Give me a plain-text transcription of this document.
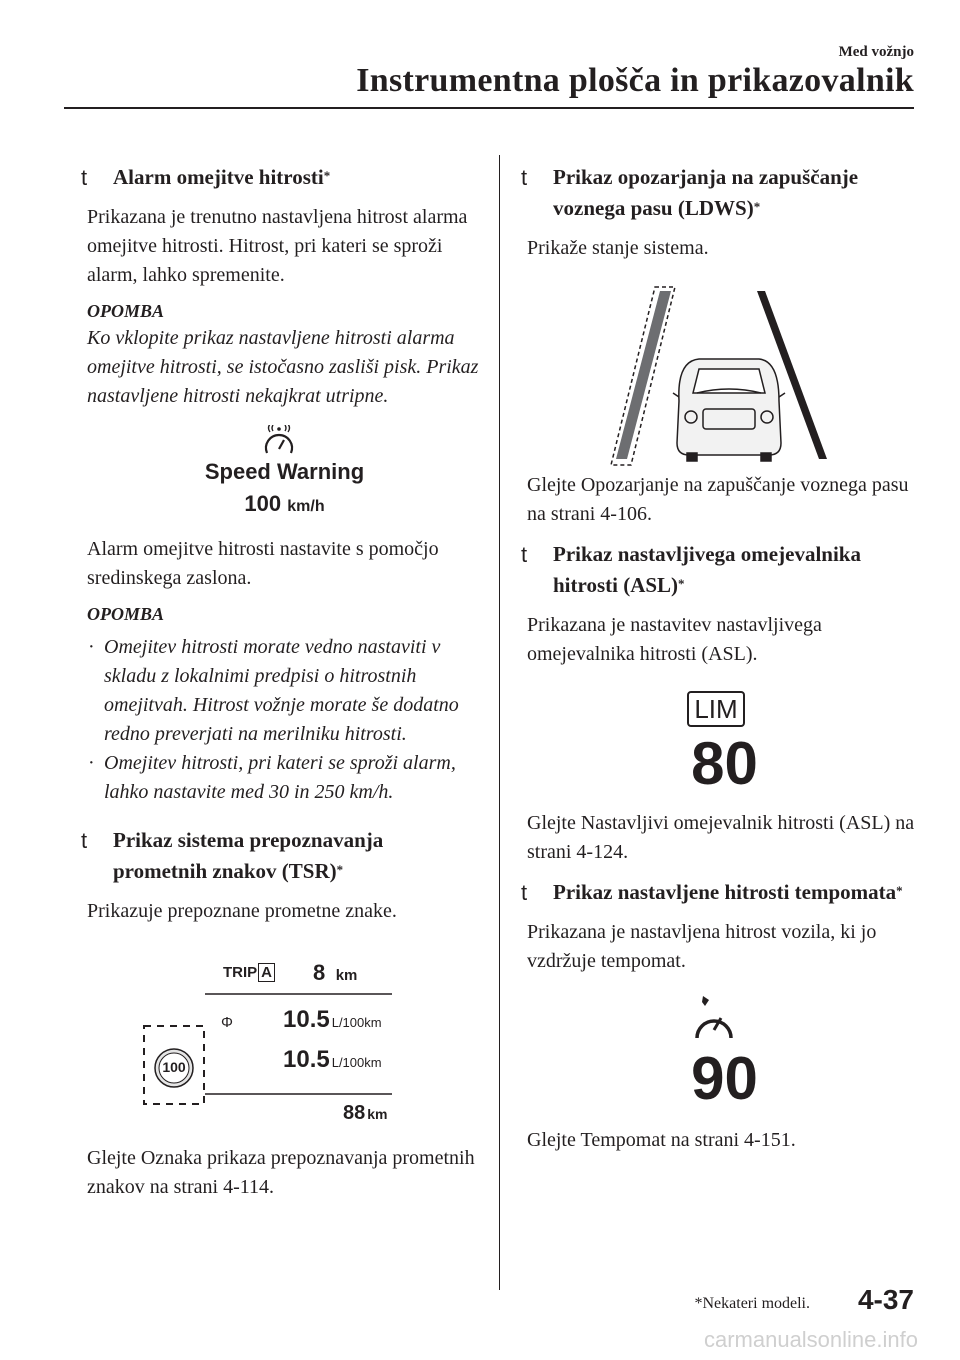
Med vožnjo
Instrumentna plošča in prikazovalnik
t Alarm omejitve hitrosti*
Prikazana je trenutno nastavljena hitrost alarma omejitve hitrosti. Hitrost, pri kateri se sproži alarm, lahko spremenite.
OPOMBA
Ko vklopite prikaz nastavljene hitrosti alarma omejitve hitrosti, se istočasno zasliši pisk. Prikaz nastavljene hitrosti nekajkrat utripne.
Speed Warning
100 km/h
Alarm omejitve hitrosti nastavite s pomočjo sredinskega zaslona.
OPOMBA
· Omejitev hitrosti morate vedno nastaviti v skladu z lokalnimi predpisi o hitrostnih omejitvah. Hitrost vožnje morate še dodatno redno preverjati na merilniku hitrosti.
· Omejitev hitrosti, pri kateri se sproži alarm, lahko nastavite med 30 in 250 km/h.
t Prikaz sistema prepoznavanja prometnih znakov (TSR)*
Prikazuje prepoznane prometne znake.
TRIP A 8 km
Φ 10.5 L/100km
10.5 L/100km
100
88 km
Glejte Oznaka prikaza prepoznavanja prometnih znakov na strani 4-114.
t Prikaz opozarjanja na zapuščanje voznega pasu (LDWS)*
Prikaže stanje sistema.
Glejte Opozarjanje na zapuščanje voznega pasu na strani 4-106.
t Prikaz nastavljivega omejevalnika hitrosti (ASL)*
Prikazana je nastavitev nastavljivega omejevalnika hitrosti (ASL).
LIM
80
Glejte Nastavljivi omejevalnik hitrosti (ASL) na strani 4-124.
t Prikaz nastavljene hitrosti tempomata*
Prikazana je nastavljena hitrost vozila, ki jo vzdržuje tempomat.
90
Glejte Tempomat na strani 4-151.
*Nekateri modeli. 4-37
carmanualsonline.info
